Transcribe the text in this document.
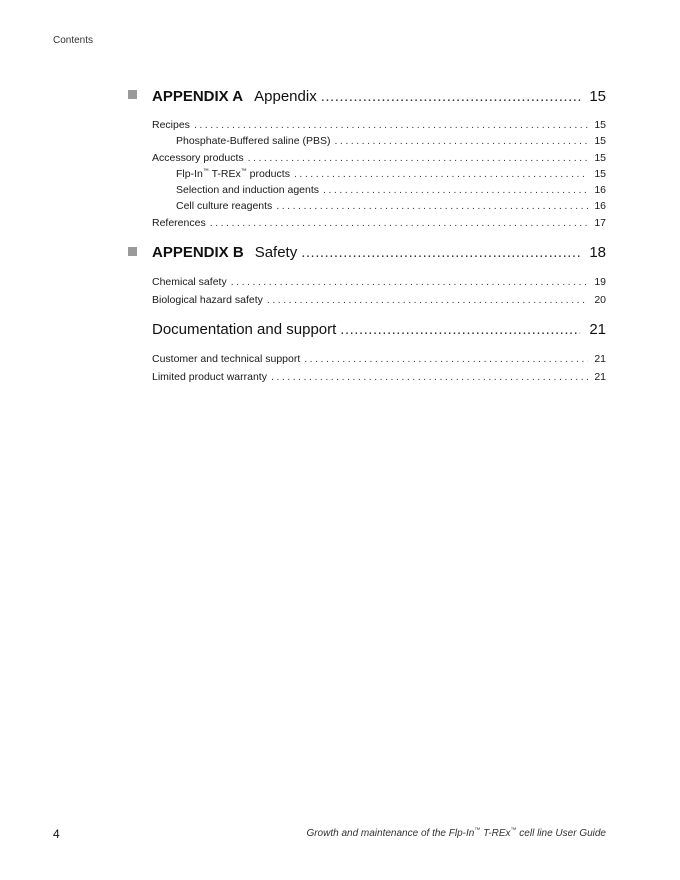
Contents
APPENDIX A Appendix .....	15
Recipes . . .	15
Phosphate-Buffered saline (PBS) . . .	15
Accessory products . . .	15
Flp-In™ T-REx™ products . . .	15
Selection and induction agents . . .	16
Cell culture reagents . . .	16
References . . .	17
APPENDIX B Safety .....	18
Chemical safety . . .	19
Biological hazard safety . . .	20
Documentation and support .....	21
Customer and technical support . . .	21
Limited product warranty . . .	21
4	Growth and maintenance of the Flp-In™ T-REx™ cell line User Guide
